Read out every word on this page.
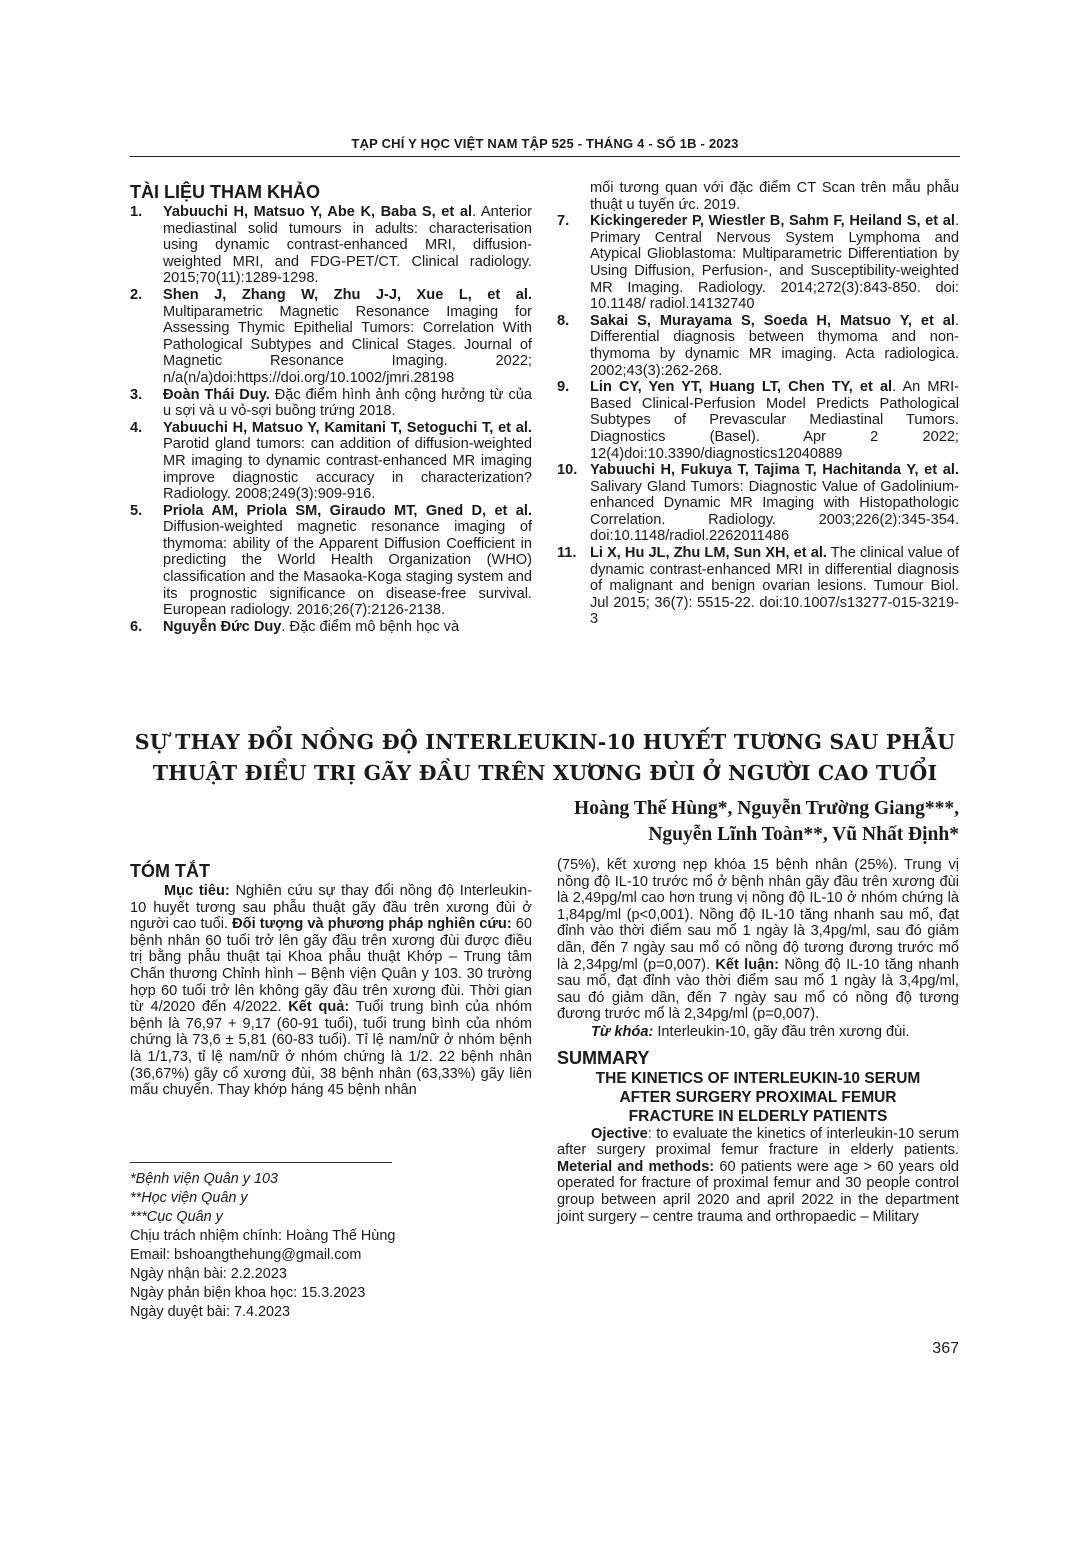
TẠP CHÍ Y HỌC VIỆT NAM TẬP 525 - THÁNG 4 - SỐ 1B - 2023
TÀI LIỆU THAM KHẢO
1. Yabuuchi H, Matsuo Y, Abe K, Baba S, et al. Anterior mediastinal solid tumours in adults: characterisation using dynamic contrast-enhanced MRI, diffusion-weighted MRI, and FDG-PET/CT. Clinical radiology. 2015;70(11):1289-1298.
2. Shen J, Zhang W, Zhu J-J, Xue L, et al. Multiparametric Magnetic Resonance Imaging for Assessing Thymic Epithelial Tumors: Correlation With Pathological Subtypes and Clinical Stages. Journal of Magnetic Resonance Imaging. 2022; n/a(n/a)doi:https://doi.org/10.1002/jmri.28198
3. Đoàn Thái Duy. Đặc điểm hình ảnh cộng hưởng từ của u sợi và u vỏ-sợi buồng trứng 2018.
4. Yabuuchi H, Matsuo Y, Kamitani T, Setoguchi T, et al. Parotid gland tumors: can addition of diffusion-weighted MR imaging to dynamic contrast-enhanced MR imaging improve diagnostic accuracy in characterization? Radiology. 2008;249(3):909-916.
5. Priola AM, Priola SM, Giraudo MT, Gned D, et al. Diffusion-weighted magnetic resonance imaging of thymoma: ability of the Apparent Diffusion Coefficient in predicting the World Health Organization (WHO) classification and the Masaoka-Koga staging system and its prognostic significance on disease-free survival. European radiology. 2016;26(7):2126-2138.
6. Nguyễn Đức Duy. Đặc điểm mô bệnh học và
mối tương quan với đặc điểm CT Scan trên mẫu phẫu thuật u tuyến ức. 2019.
7. Kickingereder P, Wiestler B, Sahm F, Heiland S, et al. Primary Central Nervous System Lymphoma and Atypical Glioblastoma: Multiparametric Differentiation by Using Diffusion, Perfusion-, and Susceptibility-weighted MR Imaging. Radiology. 2014;272(3):843-850. doi: 10.1148/ radiol.14132740
8. Sakai S, Murayama S, Soeda H, Matsuo Y, et al. Differential diagnosis between thymoma and non-thymoma by dynamic MR imaging. Acta radiologica. 2002;43(3):262-268.
9. Lin CY, Yen YT, Huang LT, Chen TY, et al. An MRI-Based Clinical-Perfusion Model Predicts Pathological Subtypes of Prevascular Mediastinal Tumors. Diagnostics (Basel). Apr 2 2022; 12(4)doi:10.3390/diagnostics12040889
10. Yabuuchi H, Fukuya T, Tajima T, Hachitanda Y, et al. Salivary Gland Tumors: Diagnostic Value of Gadolinium-enhanced Dynamic MR Imaging with Histopathologic Correlation. Radiology. 2003;226(2):345-354. doi:10.1148/radiol.2262011486
11. Li X, Hu JL, Zhu LM, Sun XH, et al. The clinical value of dynamic contrast-enhanced MRI in differential diagnosis of malignant and benign ovarian lesions. Tumour Biol. Jul 2015; 36(7): 5515-22. doi:10.1007/s13277-015-3219-3
SỰ THAY ĐỔI NỒNG ĐỘ INTERLEUKIN-10 HUYẾT TƯƠNG SAU PHẪU
THUẬT ĐIỀU TRỊ GÃY ĐẦU TRÊN XƯƠNG ĐÙI Ở NGƯỜI CAO TUỔI
Hoàng Thế Hùng*, Nguyễn Trường Giang***,
Nguyễn Lĩnh Toàn**, Vũ Nhất Định*
TÓM TẮT
Mục tiêu: Nghiên cứu sự thay đổi nồng độ Interleukin-10 huyết tương sau phẫu thuật gãy đầu trên xương đùi ở người cao tuổi. Đối tượng và phương pháp nghiên cứu: 60 bệnh nhân 60 tuổi trở lên gãy đầu trên xương đùi được điều trị bằng phẫu thuật tại Khoa phẫu thuật Khớp – Trung tâm Chấn thương Chỉnh hình – Bệnh viện Quân y 103. 30 trường hợp 60 tuổi trở lên không gãy đầu trên xương đùi. Thời gian từ 4/2020 đến 4/2022. Kết quả: Tuổi trung bình của nhóm bệnh là 76,97 + 9,17 (60-91 tuổi), tuổi trung bình của nhóm chứng là 73,6 ± 5,81 (60-83 tuổi). Tỉ lệ nam/nữ ở nhóm bệnh là 1/1,73, tỉ lệ nam/nữ ở nhóm chứng là 1/2. 22 bệnh nhân (36,67%) gãy cổ xương đùi, 38 bệnh nhân (63,33%) gãy liên mấu chuyển. Thay khớp háng 45 bệnh nhân
(75%), kết xương nẹp khóa 15 bệnh nhân (25%). Trung vị nồng độ IL-10 trước mổ ở bệnh nhân gãy đầu trên xương đùi là 2,49pg/ml cao hơn trung vị nồng độ IL-10 ở nhóm chứng là 1,84pg/ml (p<0,001). Nồng độ IL-10 tăng nhanh sau mổ, đạt đỉnh vào thời điểm sau mổ 1 ngày là 3,4pg/ml, sau đó giảm dần, đến 7 ngày sau mổ có nồng độ tương đương trước mổ là 2,34pg/ml (p=0,007). Kết luận: Nồng độ IL-10 tăng nhanh sau mổ, đạt đỉnh vào thời điểm sau mổ 1 ngày là 3,4pg/ml, sau đó giảm dần, đến 7 ngày sau mổ có nồng độ tương đương trước mổ là 2,34pg/ml (p=0,007).
Từ khóa: Interleukin-10, gãy đầu trên xương đùi.
SUMMARY
THE KINETICS OF INTERLEUKIN-10 SERUM
AFTER SURGERY PROXIMAL FEMUR
FRACTURE IN ELDERLY PATIENTS
Ojective: to evaluate the kinetics of interleukin-10 serum after surgery proximal femur fracture in elderly patients. Meterial and methods: 60 patients were age > 60 years old operated for fracture of proximal femur and 30 people control group between april 2020 and april 2022 in the department joint surgery – centre trauma and orthropaedic – Military
*Bệnh viện Quân y 103
**Học viện Quân y
***Cục Quân y
Chịu trách nhiệm chính: Hoàng Thế Hùng
Email: bshoangthehung@gmail.com
Ngày nhận bài: 2.2.2023
Ngày phản biện khoa học: 15.3.2023
Ngày duyệt bài: 7.4.2023
367
